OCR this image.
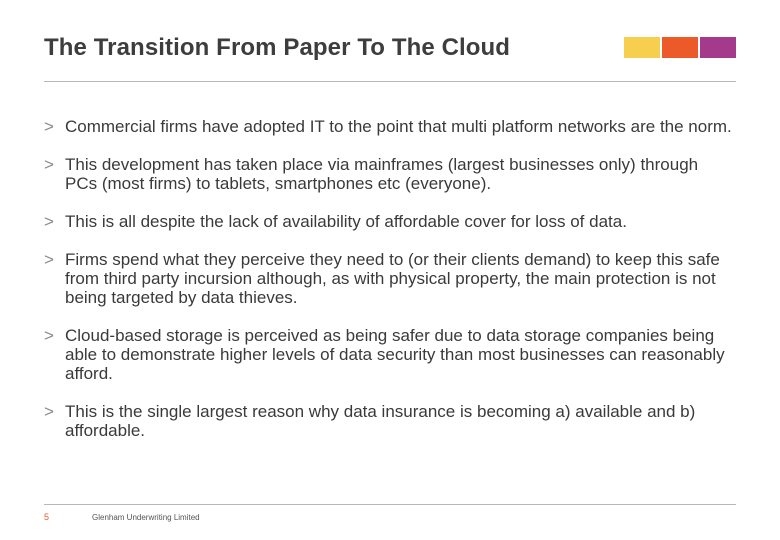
The Transition From Paper To The Cloud
> Commercial firms have adopted IT to the point that multi platform networks are the norm.
> This development has taken place via mainframes (largest businesses only) through PCs (most firms) to tablets, smartphones etc (everyone).
> This is all despite the lack of availability of affordable cover for loss of data.
> Firms spend what they perceive they need to (or their clients demand) to keep this safe from third party incursion although, as with physical property, the main protection is not being targeted by data thieves.
> Cloud-based storage is perceived as being safer due to data storage companies being able to demonstrate higher levels of data security than most businesses can reasonably afford.
> This is the single largest reason why data insurance is becoming a) available and b) affordable.
5	Glenham Underwriting Limited
